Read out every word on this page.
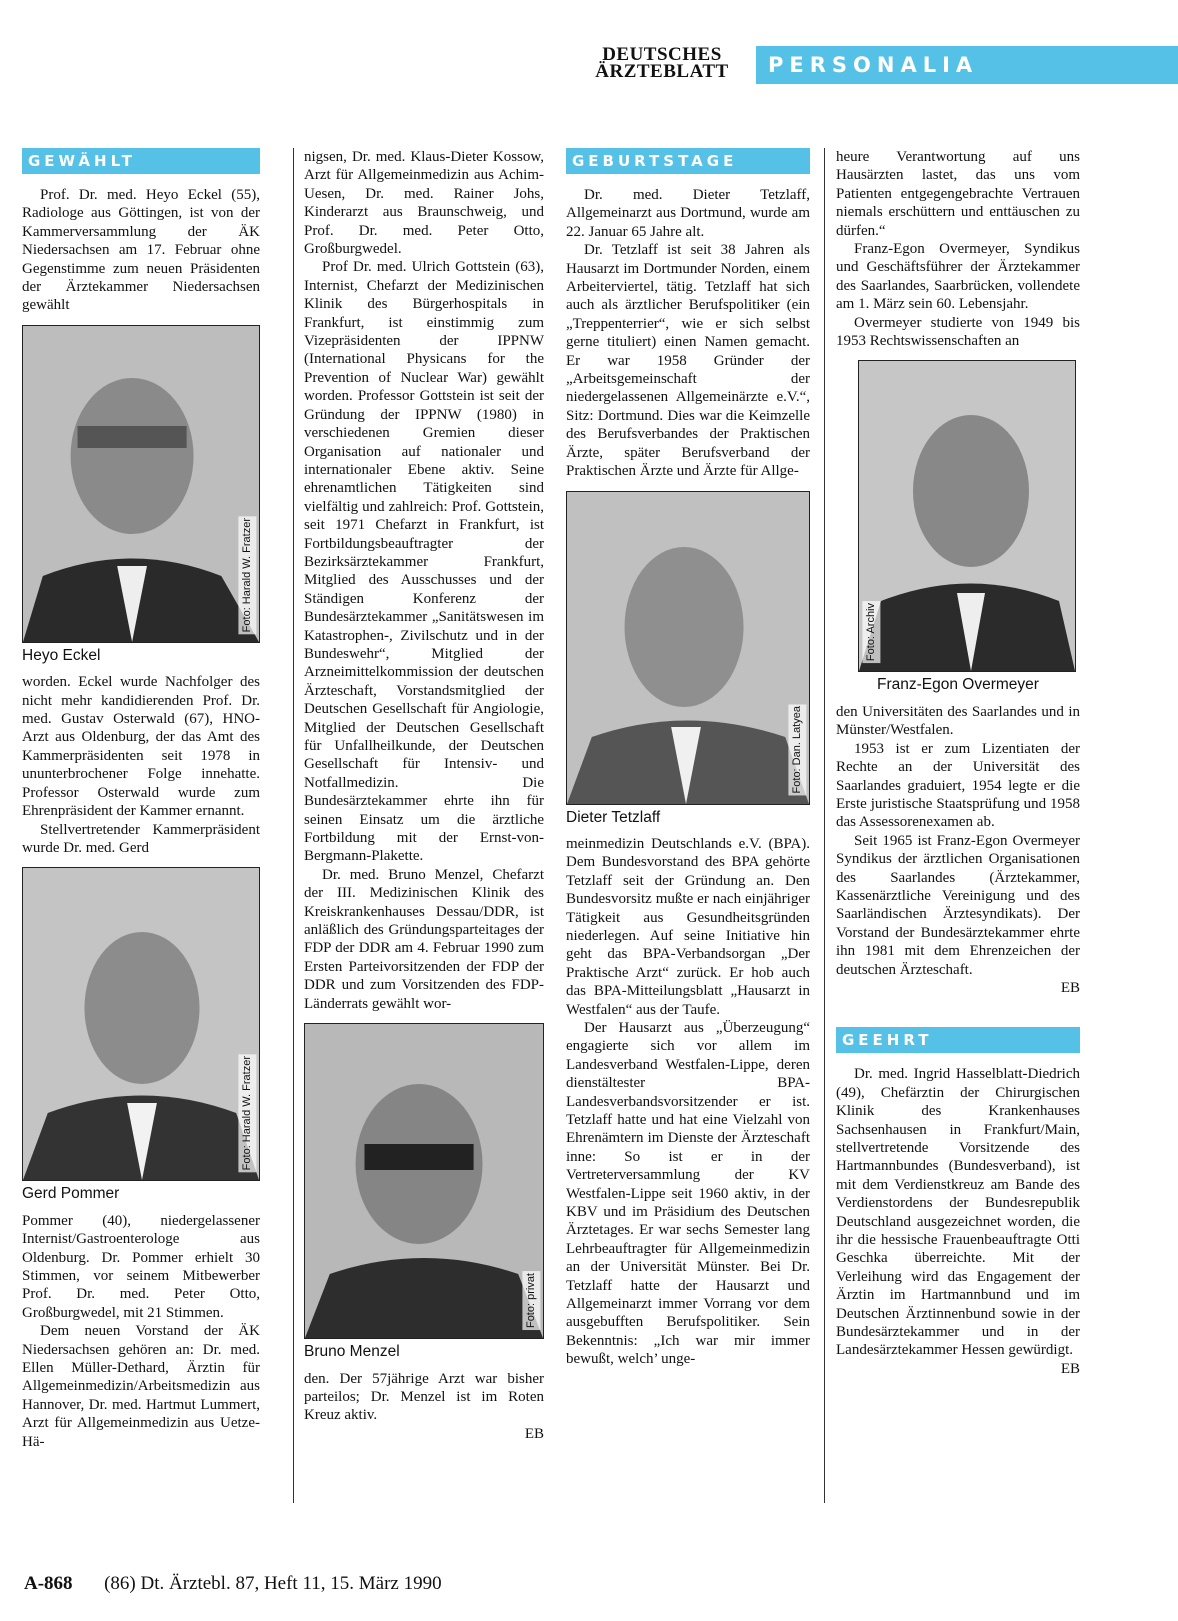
DEUTSCHES
ÄRZTEBLATT	PERSONALIA
GEWÄHLT

Prof. Dr. med. Heyo Eckel (55), Radiologe aus Göttingen, ist von der Kammerversammlung der ÄK Niedersachsen am 17. Februar ohne Gegenstimme zum neuen Präsidenten der Ärztekammer Niedersachsen gewählt

Foto: Harald W. Fratzer
Heyo Eckel

worden. Eckel wurde Nachfolger des nicht mehr kandidierenden Prof. Dr. med. Gustav Osterwald (67), HNO-Arzt aus Oldenburg, der das Amt des Kammerpräsidenten seit 1978 in ununterbrochener Folge innehatte. Professor Osterwald wurde zum Ehrenpräsident der Kammer ernannt.

Stellvertretender Kammerpräsident wurde Dr. med. Gerd

Foto: Harald W. Fratzer
Gerd Pommer

Pommer (40), niedergelassener Internist/Gastroenterologe aus Oldenburg. Dr. Pommer erhielt 30 Stimmen, vor seinem Mitbewerber Prof. Dr. med. Peter Otto, Großburgwedel, mit 21 Stimmen.

Dem neuen Vorstand der ÄK Niedersachsen gehören an: Dr. med. Ellen Müller-Dethard, Ärztin für Allgemeinmedizin/Arbeitsmedizin aus Hannover, Dr. med. Hartmut Lummert, Arzt für Allgemeinmedizin aus Uetze-Hä-

nigsen, Dr. med. Klaus-Dieter Kossow, Arzt für Allgemeinmedizin aus Achim-Uesen, Dr. med. Rainer Johs, Kinderarzt aus Braunschweig, und Prof. Dr. med. Peter Otto, Großburgwedel.

Prof Dr. med. Ulrich Gottstein (63), Internist, Chefarzt der Medizinischen Klinik des Bürgerhospitals in Frankfurt, ist einstimmig zum Vizepräsidenten der IPPNW (International Physicans for the Prevention of Nuclear War) gewählt worden. Professor Gottstein ist seit der Gründung der IPPNW (1980) in verschiedenen Gremien dieser Organisation auf nationaler und internationaler Ebene aktiv. Seine ehrenamtlichen Tätigkeiten sind vielfältig und zahlreich: Prof. Gottstein, seit 1971 Chefarzt in Frankfurt, ist Fortbildungsbeauftragter der Bezirksärztekammer Frankfurt, Mitglied des Ausschusses und der Ständigen Konferenz der Bundesärztekammer „Sanitätswesen im Katastrophen-, Zivilschutz und in der Bundeswehr“, Mitglied der Arzneimittelkommission der deutschen Ärzteschaft, Vorstandsmitglied der Deutschen Gesellschaft für Angiologie, Mitglied der Deutschen Gesellschaft für Unfallheilkunde, der Deutschen Gesellschaft für Intensiv- und Notfallmedizin. Die Bundesärztekammer ehrte ihn für seinen Einsatz um die ärztliche Fortbildung mit der Ernst-von-Bergmann-Plakette.

Dr. med. Bruno Menzel, Chefarzt der III. Medizinischen Klinik des Kreiskrankenhauses Dessau/DDR, ist anläßlich des Gründungsparteitages der FDP der DDR am 4. Februar 1990 zum Ersten Parteivorsitzenden der FDP der DDR und zum Vorsitzenden des FDP-Länderrats gewählt wor-

Foto: privat
Bruno Menzel

den. Der 57jährige Arzt war bisher parteilos; Dr. Menzel ist im Roten Kreuz aktiv.

EB

GEBURTSTAGE

Dr. med. Dieter Tetzlaff, Allgemeinarzt aus Dortmund, wurde am 22. Januar 65 Jahre alt.

Dr. Tetzlaff ist seit 38 Jahren als Hausarzt im Dortmunder Norden, einem Arbeiterviertel, tätig. Tetzlaff hat sich auch als ärztlicher Berufspolitiker (ein „Treppenterrier“, wie er sich selbst gerne tituliert) einen Namen gemacht. Er war 1958 Gründer der „Arbeitsgemeinschaft der niedergelassenen Allgemeinärzte e.V.“, Sitz: Dortmund. Dies war die Keimzelle des Berufsverbandes der Praktischen Ärzte, später Berufsverband der Praktischen Ärzte und Ärzte für Allge-

Foto: Dan. Latyea
Dieter Tetzlaff

meinmedizin Deutschlands e.V. (BPA). Dem Bundesvorstand des BPA gehörte Tetzlaff seit der Gründung an. Den Bundesvorsitz mußte er nach einjähriger Tätigkeit aus Gesundheitsgründen niederlegen. Auf seine Initiative hin geht das BPA-Verbandsorgan „Der Praktische Arzt“ zurück. Er hob auch das BPA-Mitteilungsblatt „Hausarzt in Westfalen“ aus der Taufe.

Der Hausarzt aus „Überzeugung“ engagierte sich vor allem im Landesverband Westfalen-Lippe, deren dienstältester BPA-Landesverbandsvorsitzender er ist. Tetzlaff hatte und hat eine Vielzahl von Ehrenämtern im Dienste der Ärzteschaft inne: So ist er in der Vertreterversammlung der KV Westfalen-Lippe seit 1960 aktiv, in der KBV und im Präsidium des Deutschen Ärztetages. Er war sechs Semester lang Lehrbeauftragter für Allgemeinmedizin an der Universität Münster. Bei Dr. Tetzlaff hatte der Hausarzt und Allgemeinarzt immer Vorrang vor dem ausgebufften Berufspolitiker. Sein Bekenntnis: „Ich war mir immer bewußt, welch’ unge-

heure Verantwortung auf uns Hausärzten lastet, das uns vom Patienten entgegengebrachte Vertrauen niemals erschüttern und enttäuschen zu dürfen.“

Franz-Egon Overmeyer, Syndikus und Geschäftsführer der Ärztekammer des Saarlandes, Saarbrücken, vollendete am 1. März sein 60. Lebensjahr.

Overmeyer studierte von 1949 bis 1953 Rechtswissenschaften an

Foto: Archiv
Franz-Egon Overmeyer

den Universitäten des Saarlandes und in Münster/Westfalen.

1953 ist er zum Lizentiaten der Rechte an der Universität des Saarlandes graduiert, 1954 legte er die Erste juristische Staatsprüfung und 1958 das Assessorenexamen ab.

Seit 1965 ist Franz-Egon Overmeyer Syndikus der ärztlichen Organisationen des Saarlandes (Ärztekammer, Kassenärztliche Vereinigung und des Saarländischen Ärztesyndikats). Der Vorstand der Bundesärztekammer ehrte ihn 1981 mit dem Ehrenzeichen der deutschen Ärzteschaft.

EB

GEEHRT

Dr. med. Ingrid Hasselblatt-Diedrich (49), Chefärztin der Chirurgischen Klinik des Krankenhauses Sachsenhausen in Frankfurt/Main, stellvertretende Vorsitzende des Hartmannbundes (Bundesverband), ist mit dem Verdienstkreuz am Bande des Verdienstordens der Bundesrepublik Deutschland ausgezeichnet worden, die ihr die hessische Frauenbeauftragte Otti Geschka überreichte. Mit der Verleihung wird das Engagement der Ärztin im Hartmannbund und im Deutschen Ärztinnenbund sowie in der Bundesärztekammer und in der Landesärztekammer Hessen gewürdigt.

EB

A-868 (86) Dt. Ärztebl. 87, Heft 11, 15. März 1990
